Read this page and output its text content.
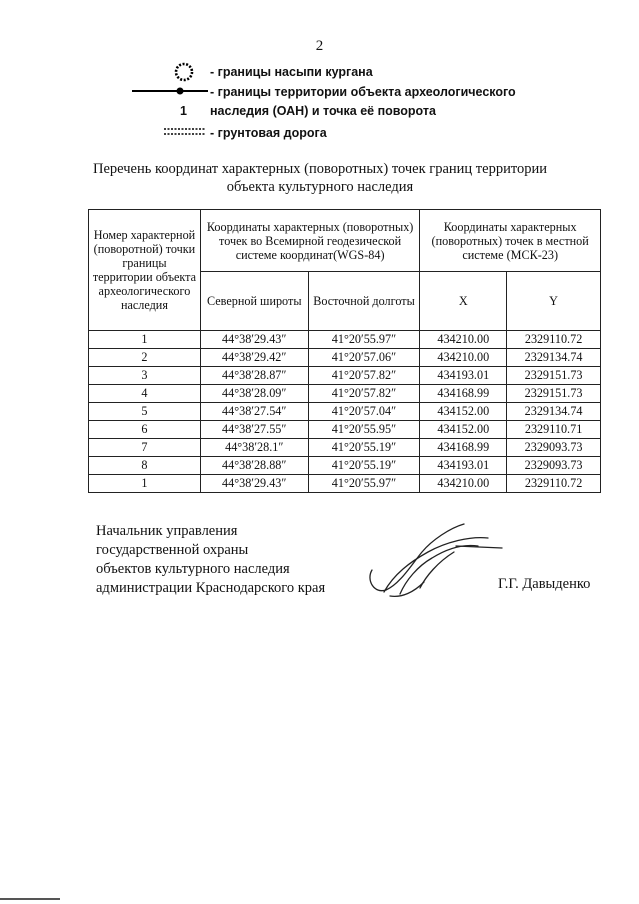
2
- границы насыпи кургана
- границы территории объекта археологического
1	наследия (ОАН) и точка её поворота
- грунтовая дорога
Перечень координат характерных (поворотных) точек границ территории
объекта культурного наследия
Номер характерной (поворотной) точки границы территории объекта археологического наследия	Координаты характерных (поворотных) точек во Всемирной геодезической системе координат(WGS-84)		Координаты характерных (поворотных) точек в местной системе (МСК-23)	
	Северной широты	Восточной долготы	X	Y
1	44°38′29.43″	41°20′55.97″	434210.00	2329110.72
2	44°38′29.42″	41°20′57.06″	434210.00	2329134.74
3	44°38′28.87″	41°20′57.82″	434193.01	2329151.73
4	44°38′28.09″	41°20′57.82″	434168.99	2329151.73
5	44°38′27.54″	41°20′57.04″	434152.00	2329134.74
6	44°38′27.55″	41°20′55.95″	434152.00	2329110.71
7	44°38′28.1″	41°20′55.19″	434168.99	2329093.73
8	44°38′28.88″	41°20′55.19″	434193.01	2329093.73
1	44°38′29.43″	41°20′55.97″	434210.00	2329110.72
Начальник управления
государственной охраны
объектов культурного наследия
администрации Краснодарского края	Г.Г. Давыденко
